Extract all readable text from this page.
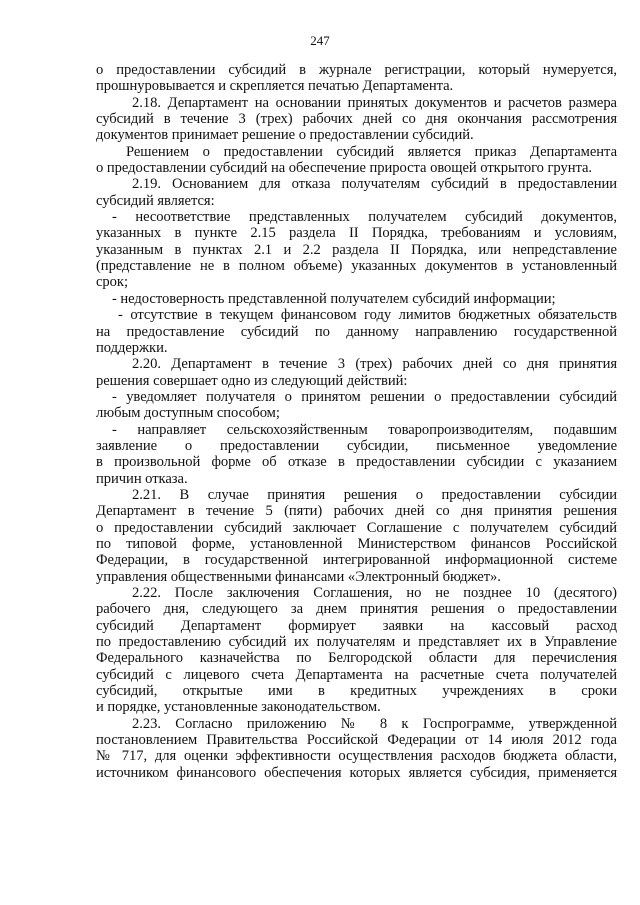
247
о предоставлении субсидий в журнале регистрации, который нумеруется,
прошнуровывается и скрепляется печатью Департамента.
2.18. Департамент на основании принятых документов и расчетов размера
субсидий в течение 3 (трех) рабочих дней со дня окончания рассмотрения
документов принимает решение о предоставлении субсидий.
Решением о предоставлении субсидий является приказ Департамента
о предоставлении субсидий на обеспечение прироста овощей открытого грунта.
2.19. Основанием для отказа получателям субсидий в предоставлении
субсидий является:
- несоответствие представленных получателем субсидий документов,
указанных в пункте 2.15 раздела II Порядка, требованиям и условиям,
указанным в пунктах 2.1 и 2.2 раздела II Порядка, или непредставление
(представление не в полном объеме) указанных документов в установленный
срок;
- недостоверность представленной получателем субсидий информации;
- отсутствие в текущем финансовом году лимитов бюджетных обязательств
на предоставление субсидий по данному направлению государственной
поддержки.
2.20. Департамент в течение 3 (трех) рабочих дней со дня принятия
решения совершает одно из следующий действий:
- уведомляет получателя о принятом решении о предоставлении субсидий
любым доступным способом;
- направляет сельскохозяйственным товаропроизводителям, подавшим
заявление о предоставлении субсидии, письменное уведомление
в произвольной форме об отказе в предоставлении субсидии с указанием
причин отказа.
2.21. В случае принятия решения о предоставлении субсидии
Департамент в течение 5 (пяти) рабочих дней со дня принятия решения
о предоставлении субсидий заключает Соглашение с получателем субсидий
по типовой форме, установленной Министерством финансов Российской
Федерации, в государственной интегрированной информационной системе
управления общественными финансами «Электронный бюджет».
2.22. После заключения Соглашения, но не позднее 10 (десятого)
рабочего дня, следующего за днем принятия решения о предоставлении
субсидий Департамент формирует заявки на кассовый расход
по предоставлению субсидий их получателям и представляет их в Управление
Федерального казначейства по Белгородской области для перечисления
субсидий с лицевого счета Департамента на расчетные счета получателей
субсидий, открытые ими в кредитных учреждениях в сроки
и порядке, установленные законодательством.
2.23. Согласно приложению № 8 к Госпрограмме, утвержденной
постановлением Правительства Российской Федерации от 14 июля 2012 года
№ 717, для оценки эффективности осуществления расходов бюджета области,
источником финансового обеспечения которых является субсидия, применяется
